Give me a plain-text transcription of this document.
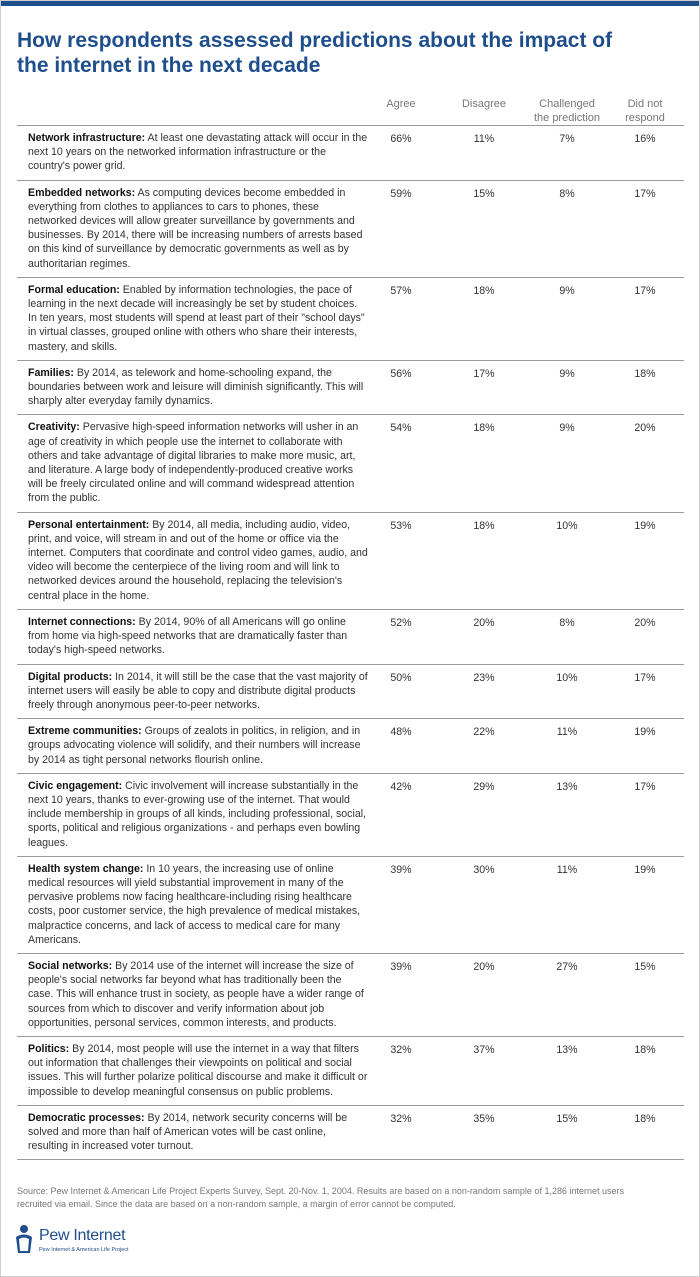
How respondents assessed predictions about the impact of the internet in the next decade
Agree	Disagree	Challenged
the prediction
Did not
respond
Network infrastructure: At least one devastating attack will occur in the next 10 years on the networked information infrastructure or the country's power grid.
66%	11%	7%	16%
Embedded networks: As computing devices become embedded in everything from clothes to appliances to cars to phones, these networked devices will allow greater surveillance by governments and businesses. By 2014, there will be increasing numbers of arrests based on this kind of surveillance by democratic governments as well as by authoritarian regimes.
59%	15%	8%	17%
Formal education: Enabled by information technologies, the pace of learning in the next decade will increasingly be set by student choices. In ten years, most students will spend at least part of their "school days" in virtual classes, grouped online with others who share their interests, mastery, and skills.
57%	18%	9%	17%
Families: By 2014, as telework and home-schooling expand, the boundaries between work and leisure will diminish significantly. This will sharply alter everyday family dynamics.
56%	17%	9%	18%
Creativity: Pervasive high-speed information networks will usher in an age of creativity in which people use the internet to collaborate with others and take advantage of digital libraries to make more music, art, and literature. A large body of independently-produced creative works will be freely circulated online and will command widespread attention from the public.
54%	18%	9%	20%
Personal entertainment: By 2014, all media, including audio, video, print, and voice, will stream in and out of the home or office via the internet. Computers that coordinate and control video games, audio, and video will become the centerpiece of the living room and will link to networked devices around the household, replacing the television's central place in the home.
53%	18%	10%	19%
Internet connections: By 2014, 90% of all Americans will go online from home via high-speed networks that are dramatically faster than today's high-speed networks.
52%	20%	8%	20%
Digital products: In 2014, it will still be the case that the vast majority of internet users will easily be able to copy and distribute digital products freely through anonymous peer-to-peer networks.
50%	23%	10%	17%
Extreme communities: Groups of zealots in politics, in religion, and in groups advocating violence will solidify, and their numbers will increase by 2014 as tight personal networks flourish online.
48%	22%	11%	19%
Civic engagement: Civic involvement will increase substantially in the next 10 years, thanks to ever-growing use of the internet. That would include membership in groups of all kinds, including professional, social, sports, political and religious organizations - and perhaps even bowling leagues.
42%	29%	13%	17%
Health system change: In 10 years, the increasing use of online medical resources will yield substantial improvement in many of the pervasive problems now facing healthcare-including rising healthcare costs, poor customer service, the high prevalence of medical mistakes, malpractice concerns, and lack of access to medical care for many Americans.
39%	30%	11%	19%
Social networks: By 2014 use of the internet will increase the size of people's social networks far beyond what has traditionally been the case. This will enhance trust in society, as people have a wider range of sources from which to discover and verify information about job opportunities, personal services, common interests, and products.
39%	20%	27%	15%
Politics: By 2014, most people will use the internet in a way that filters out information that challenges their viewpoints on political and social issues. This will further polarize political discourse and make it difficult or impossible to develop meaningful consensus on public problems.
32%	37%	13%	18%
Democratic processes: By 2014, network security concerns will be solved and more than half of American votes will be cast online, resulting in increased voter turnout.
32%	35%	15%	18%
Source: Pew Internet & American Life Project Experts Survey, Sept. 20-Nov. 1, 2004. Results are based on a non-random sample of 1,286 internet users recruited via email. Since the data are based on a non-random sample, a margin of error cannot be computed.
Pew Internet
Pew Internet & American Life Project
